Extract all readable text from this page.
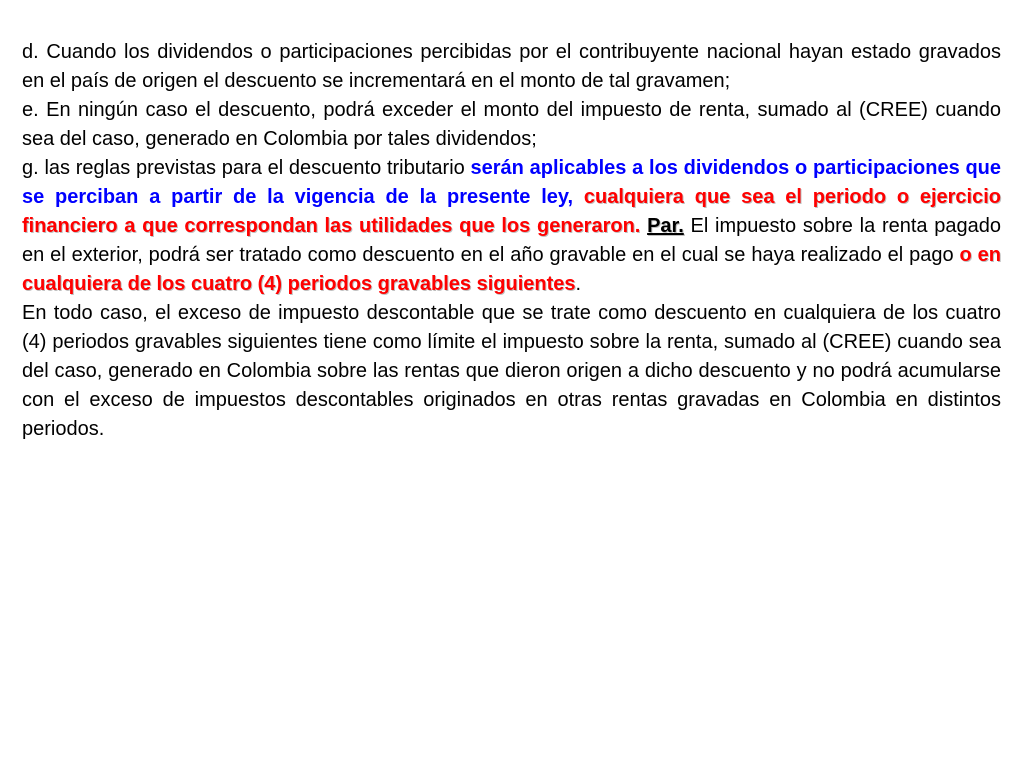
d. Cuando los dividendos o participaciones percibidas por el contribuyente nacional hayan estado gravados en el país de origen el descuento se incrementará en el monto de tal gravamen;

e. En ningún caso el descuento, podrá exceder el monto del impuesto de renta, sumado al (CREE) cuando sea del caso, generado en Colombia por tales dividendos;

g. las reglas previstas para el descuento tributario serán aplicables a los dividendos o participaciones que se perciban a partir de la vigencia de la presente ley, cualquiera que sea el periodo o ejercicio financiero a que correspondan las utilidades que los generaron. Par. El impuesto sobre la renta pagado en el exterior, podrá ser tratado como descuento en el año gravable en el cual se haya realizado el pago o en cualquiera de los cuatro (4) periodos gravables siguientes.

En todo caso, el exceso de impuesto descontable que se trate como descuento en cualquiera de los cuatro (4) periodos gravables siguientes tiene como límite el impuesto sobre la renta, sumado al (CREE) cuando sea del caso, generado en Colombia sobre las rentas que dieron origen a dicho descuento y no podrá acumularse con el exceso de impuestos descontables originados en otras rentas gravadas en Colombia en distintos periodos.
